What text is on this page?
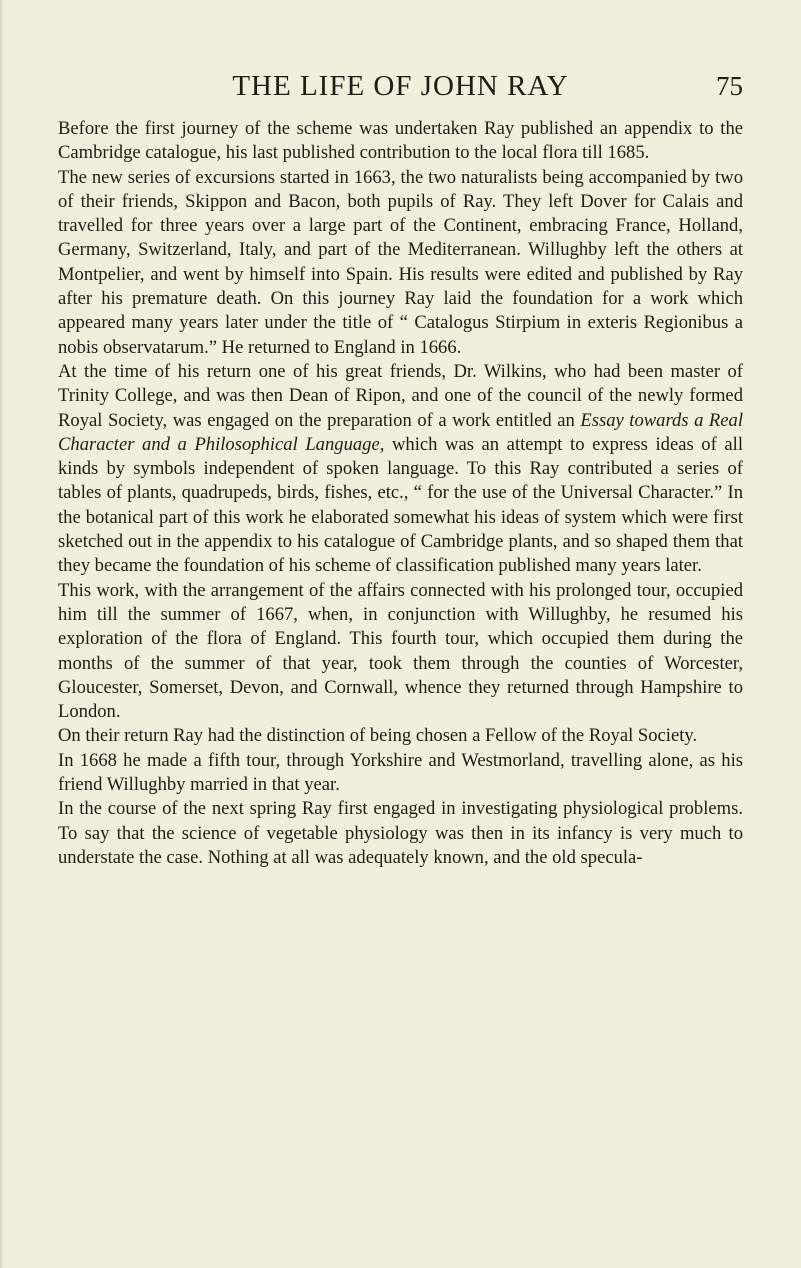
THE LIFE OF JOHN RAY	75

Before the first journey of the scheme was undertaken Ray published an appendix to the Cambridge catalogue, his last published contribution to the local flora till 1685.

The new series of excursions started in 1663, the two naturalists being accompanied by two of their friends, Skippon and Bacon, both pupils of Ray. They left Dover for Calais and travelled for three years over a large part of the Continent, embracing France, Holland, Germany, Switzerland, Italy, and part of the Mediterranean. Willughby left the others at Montpelier, and went by himself into Spain. His results were edited and published by Ray after his premature death. On this journey Ray laid the foundation for a work which appeared many years later under the title of “ Catalogus Stirpium in exteris Regionibus a nobis observatarum.” He returned to England in 1666.

At the time of his return one of his great friends, Dr. Wilkins, who had been master of Trinity College, and was then Dean of Ripon, and one of the council of the newly formed Royal Society, was engaged on the preparation of a work entitled an Essay towards a Real Character and a Philosophical Language, which was an attempt to express ideas of all kinds by symbols independent of spoken language. To this Ray contributed a series of tables of plants, quadrupeds, birds, fishes, etc., “ for the use of the Universal Character.” In the botanical part of this work he elaborated somewhat his ideas of system which were first sketched out in the appendix to his catalogue of Cambridge plants, and so shaped them that they became the foundation of his scheme of classification published many years later.

This work, with the arrangement of the affairs connected with his prolonged tour, occupied him till the summer of 1667, when, in conjunction with Willughby, he resumed his exploration of the flora of England. This fourth tour, which occupied them during the months of the summer of that year, took them through the counties of Worcester, Gloucester, Somerset, Devon, and Cornwall, whence they returned through Hampshire to London.

On their return Ray had the distinction of being chosen a Fellow of the Royal Society.

In 1668 he made a fifth tour, through Yorkshire and Westmorland, travelling alone, as his friend Willughby married in that year.

In the course of the next spring Ray first engaged in investigating physiological problems. To say that the science of vegetable physiology was then in its infancy is very much to understate the case. Nothing at all was adequately known, and the old specula-
